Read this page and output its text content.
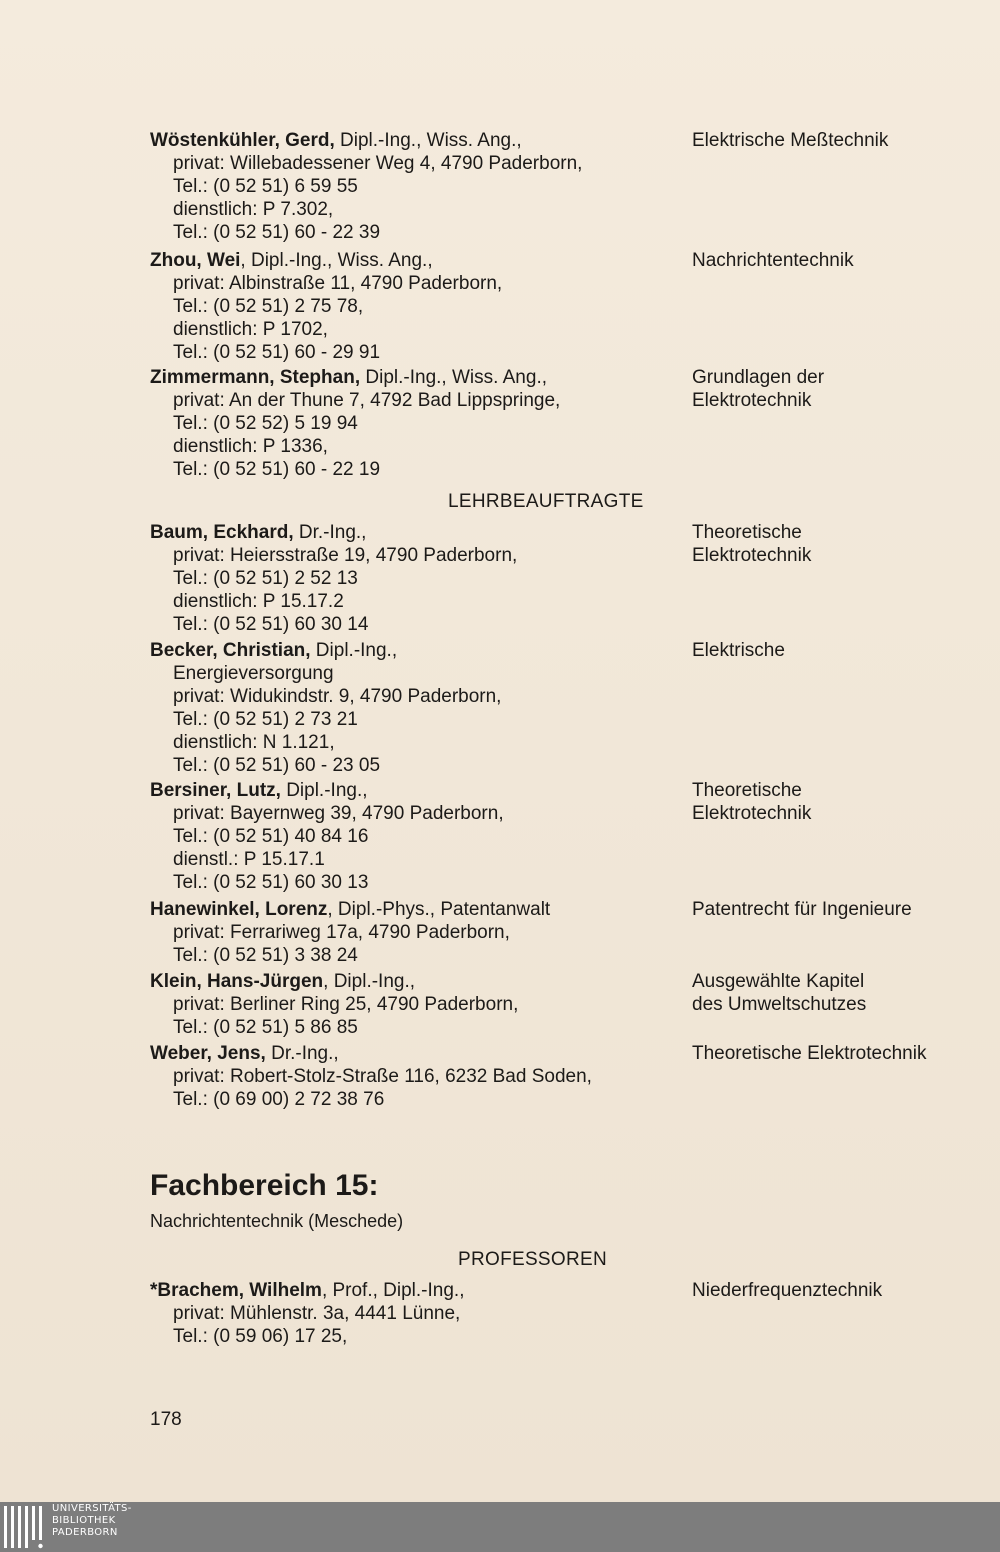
Wöstenkühler, Gerd, Dipl.-Ing., Wiss. Ang.,
privat: Willebadessener Weg 4, 4790 Paderborn,
Tel.: (0 52 51) 6 59 55
dienstlich: P 7.302,
Tel.: (0 52 51) 60 - 22 39
Elektrische Meßtechnik
Zhou, Wei, Dipl.-Ing., Wiss. Ang.,
privat: Albinstraße 11, 4790 Paderborn,
Tel.: (0 52 51) 2 75 78,
dienstlich: P 1702,
Tel.: (0 52 51) 60 - 29 91
Nachrichtentechnik
Zimmermann, Stephan, Dipl.-Ing., Wiss. Ang.,
privat: An der Thune 7, 4792 Bad Lippspringe,
Tel.: (0 52 52) 5 19 94
dienstlich: P 1336,
Tel.: (0 52 51) 60 - 22 19
Grundlagen der
Elektrotechnik
LEHRBEAUFTRAGTE
Baum, Eckhard, Dr.-Ing.,
privat: Heiersstraße 19, 4790 Paderborn,
Tel.: (0 52 51) 2 52 13
dienstlich: P 15.17.2
Tel.: (0 52 51) 60 30 14
Theoretische
Elektrotechnik
Becker, Christian, Dipl.-Ing.,
Energieversorgung
privat: Widukindstr. 9, 4790 Paderborn,
Tel.: (0 52 51) 2 73 21
dienstlich: N 1.121,
Tel.: (0 52 51) 60 - 23 05
Elektrische
Bersiner, Lutz, Dipl.-Ing.,
privat: Bayernweg 39, 4790 Paderborn,
Tel.: (0 52 51) 40 84 16
dienstl.: P 15.17.1
Tel.: (0 52 51) 60 30 13
Theoretische
Elektrotechnik
Hanewinkel, Lorenz, Dipl.-Phys., Patentanwalt
privat: Ferrariweg 17a, 4790 Paderborn,
Tel.: (0 52 51) 3 38 24
Patentrecht für Ingenieure
Klein, Hans-Jürgen, Dipl.-Ing.,
privat: Berliner Ring 25, 4790 Paderborn,
Tel.: (0 52 51) 5 86 85
Ausgewählte Kapitel
des Umweltschutzes
Weber, Jens, Dr.-Ing.,
privat: Robert-Stolz-Straße 116, 6232 Bad Soden,
Tel.: (0 69 00) 2 72 38 76
Theoretische Elektrotechnik
Fachbereich 15:
Nachrichtentechnik (Meschede)
PROFESSOREN
*Brachem, Wilhelm, Prof., Dipl.-Ing.,
privat: Mühlenstr. 3a, 4441 Lünne,
Tel.: (0 59 06) 17 25,
Niederfrequenztechnik
178
UNIVERSITÄTS-
BIBLIOTHEK
PADERBORN
